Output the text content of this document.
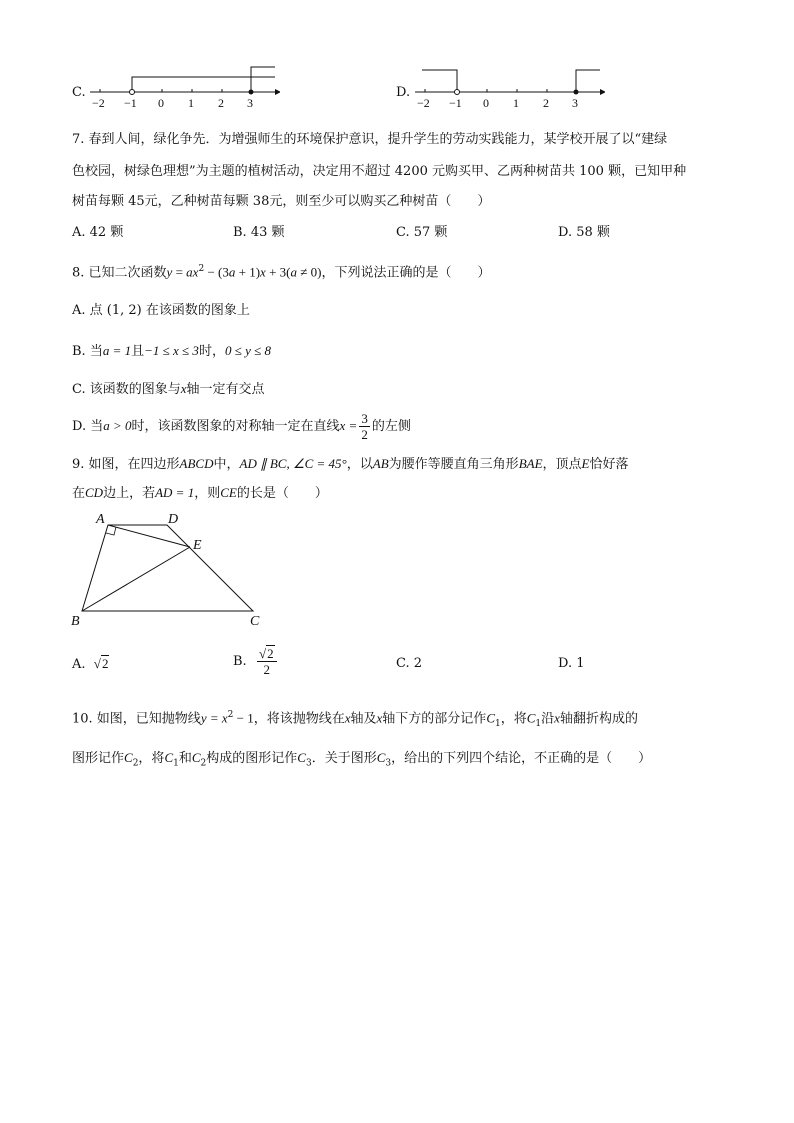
C.
−2 −1 0 1 2 3
D.
−2 −1 0 1 2 3
7. 春到人间，绿化争先．为增强师生的环境保护意识，提升学生的劳动实践能力，某学校开展了以“建绿
色校园，树绿色理想”为主题的植树活动，决定用不超过 4200 元购买甲、乙两种树苗共 100 颗，已知甲种
树苗每颗 45元，乙种树苗每颗 38元，则至少可以购买乙种树苗（　　）
A. 42 颗	B. 43 颗	C. 57 颗	D. 58 颗
8. 已知二次函数$y = ax^2 - (3a + 1)x + 3(a \ne 0)$，下列说法正确的是（　　）
A. 点 (1, 2) 在该函数的图象上
B. 当a = 1且−1 ≤ x ≤ 3时，0 ≤ y ≤ 8
C. 该函数的图象与x轴一定有交点
D. 当a > 0时，该函数图象的对称轴一定在直线$x = \frac{3}{2}$ 的左侧
9. 如图，在四边形ABCD中，AD ∥ BC, ∠C = 45°，以AB为腰作等腰直角三角形BAE，顶点E恰好落
在CD边上，若AD = 1，则CE的长是（　　）
A	D
E
B	C
A. √2	B. $\frac{√2}{2}$	C. 2	D. 1
10. 如图，已知抛物线$y = x^2 - 1$，将该抛物线在x轴及x轴下方的部分记作$C_1$，将$C_1$沿x轴翻折构成的
图形记作$C_2$，将$C_1$和$C_2$构成的图形记作$C_3$．关于图形$C_3$，给出的下列四个结论，不正确的是（　　）
